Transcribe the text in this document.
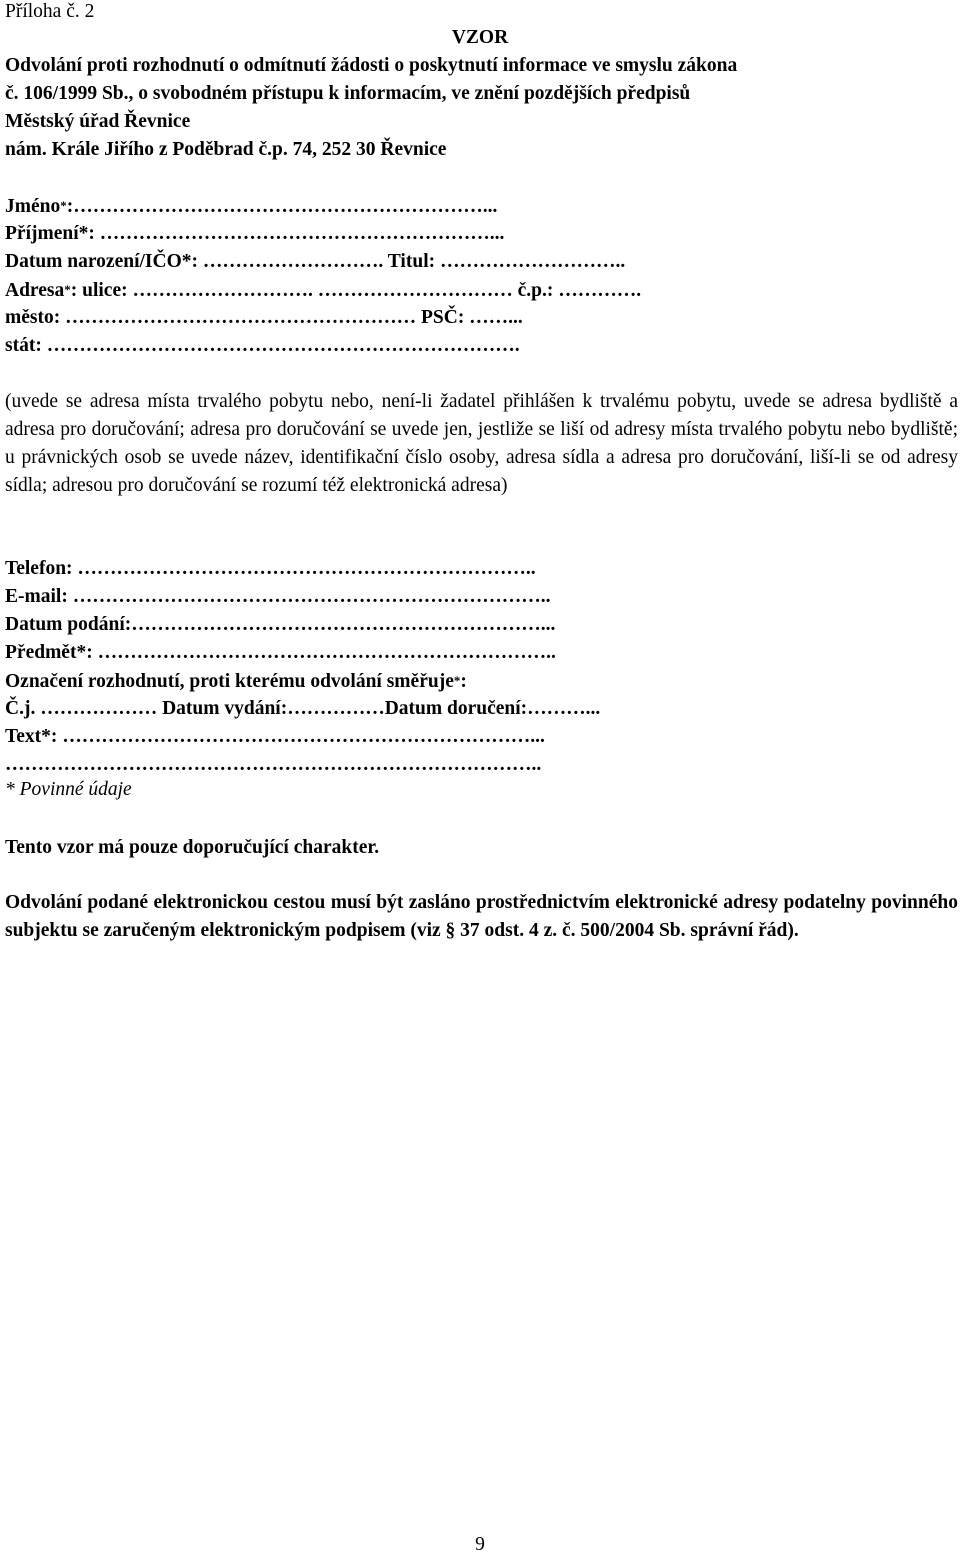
Příloha č. 2
VZOR
Odvolání proti rozhodnutí o odmítnutí žádosti o poskytnutí informace ve smyslu zákona
č. 106/1999 Sb., o svobodném přístupu k informacím, ve znění pozdějších předpisů
Městský úřad Řevnice
nám. Krále Jiřího z Poděbrad č.p. 74, 252 30 Řevnice
Jméno*:………………………………………………………...
Příjmení*: ……………………………………………………...
Datum narození/IČO*: ………………………. Titul: ………………………..
Adresa*: ulice: ………………………. ………………………… č.p.: ………….
město: ……………………………………………… PSČ: ……...
stát: ……………………………………………………………….
(uvede se adresa místa trvalého pobytu nebo, není-li žadatel přihlášen k trvalému pobytu, uvede se adresa bydliště a adresa pro doručování; adresa pro doručování se uvede jen, jestliže se liší od adresy místa trvalého pobytu nebo bydliště; u právnických osob se uvede název, identifikační číslo osoby, adresa sídla a adresa pro doručování, liší-li se od adresy sídla; adresou pro doručování se rozumí též elektronická adresa)
Telefon: ……………………………………………………………..
E-mail: ………………………………………………………………..
Datum podání:………………………………………………………...
Předmět*: ……………………………………………………………..
Označení rozhodnutí, proti kterému odvolání směřuje*:
Č.j. ……………… Datum vydání:……………Datum doručení:………...
Text*: ………………………………………………………………...
………………………………………………………………………..
* Povinné údaje
Tento vzor má pouze doporučující charakter.
Odvolání podané elektronickou cestou musí být zasláno prostřednictvím elektronické adresy podatelny povinného subjektu se zaručeným elektronickým podpisem (viz § 37 odst. 4 z. č. 500/2004 Sb. správní řád).
9
